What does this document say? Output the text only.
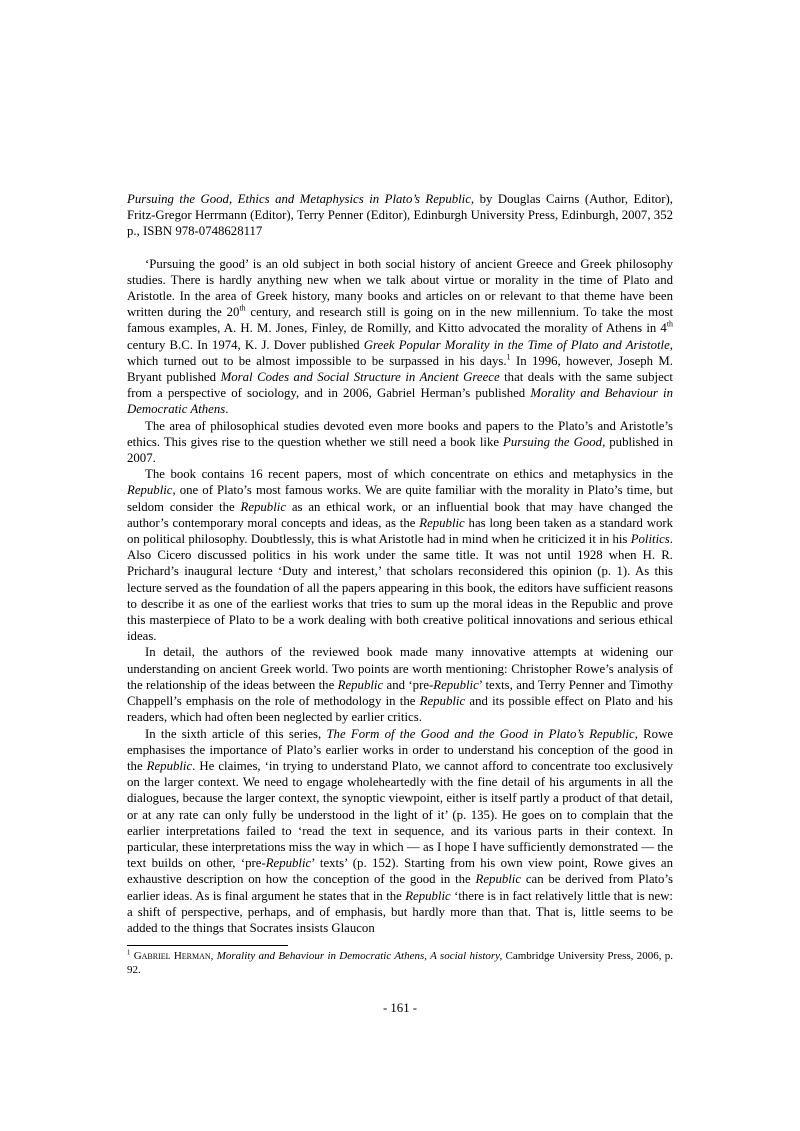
Pursuing the Good, Ethics and Metaphysics in Plato’s Republic, by Douglas Cairns (Author, Editor), Fritz-Gregor Herrmann (Editor), Terry Penner (Editor), Edinburgh University Press, Edinburgh, 2007, 352 p., ISBN 978-0748628117

‘Pursuing the good’ is an old subject in both social history of ancient Greece and Greek philosophy studies. There is hardly anything new when we talk about virtue or morality in the time of Plato and Aristotle. In the area of Greek history, many books and articles on or relevant to that theme have been written during the 20th century, and research still is going on in the new millennium. To take the most famous examples, A. H. M. Jones, Finley, de Romilly, and Kitto advocated the morality of Athens in 4th century B.C. In 1974, K. J. Dover published Greek Popular Morality in the Time of Plato and Aristotle, which turned out to be almost impossible to be surpassed in his days.$^1$ In 1996, however, Joseph M. Bryant published Moral Codes and Social Structure in Ancient Greece that deals with the same subject from a perspective of sociology, and in 2006, Gabriel Herman’s published Morality and Behaviour in Democratic Athens.

The area of philosophical studies devoted even more books and papers to the Plato’s and Aristotle’s ethics. This gives rise to the question whether we still need a book like Pursuing the Good, published in 2007.

The book contains 16 recent papers, most of which concentrate on ethics and metaphysics in the Republic, one of Plato’s most famous works. We are quite familiar with the morality in Plato’s time, but seldom consider the Republic as an ethical work, or an influential book that may have changed the author’s contemporary moral concepts and ideas, as the Republic has long been taken as a standard work on political philosophy. Doubtlessly, this is what Aristotle had in mind when he criticized it in his Politics. Also Cicero discussed politics in his work under the same title. It was not until 1928 when H. R. Prichard’s inaugural lecture ‘Duty and interest,’ that scholars reconsidered this opinion (p. 1). As this lecture served as the foundation of all the papers appearing in this book, the editors have sufficient reasons to describe it as one of the earliest works that tries to sum up the moral ideas in the Republic and prove this masterpiece of Plato to be a work dealing with both creative political innovations and serious ethical ideas.

In detail, the authors of the reviewed book made many innovative attempts at widening our understanding on ancient Greek world. Two points are worth mentioning: Christopher Rowe’s analysis of the relationship of the ideas between the Republic and ‘pre-Republic’ texts, and Terry Penner and Timothy Chappell’s emphasis on the role of methodology in the Republic and its possible effect on Plato and his readers, which had often been neglected by earlier critics.

In the sixth article of this series, The Form of the Good and the Good in Plato’s Republic, Rowe emphasises the importance of Plato’s earlier works in order to understand his conception of the good in the Republic. He claimes, ‘in trying to understand Plato, we cannot afford to concentrate too exclusively on the larger context. We need to engage wholeheartedly with the fine detail of his arguments in all the dialogues, because the larger context, the synoptic viewpoint, either is itself partly a product of that detail, or at any rate can only fully be understood in the light of it’ (p. 135). He goes on to complain that the earlier interpretations failed to ‘read the text in sequence, and its various parts in their context. In particular, these interpretations miss the way in which — as I hope I have sufficiently demonstrated — the text builds on other, ‘pre-Republic’ texts’ (p. 152). Starting from his own view point, Rowe gives an exhaustive description on how the conception of the good in the Republic can be derived from Plato’s earlier ideas. As is final argument he states that in the Republic ‘there is in fact relatively little that is new: a shift of perspective, perhaps, and of emphasis, but hardly more than that. That is, little seems to be added to the things that Socrates insists Glaucon

$^1$ Gabriel Herman, Morality and Behaviour in Democratic Athens, A social history, Cambridge University Press, 2006, p. 92.

- 161 -
